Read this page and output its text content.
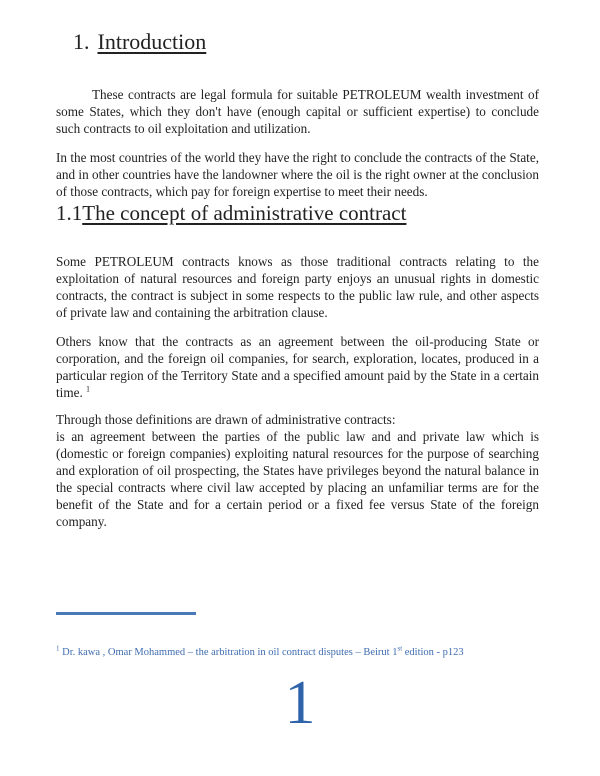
1. Introduction

These contracts are legal formula for suitable PETROLEUM wealth investment of some States, which they don't have (enough capital or sufficient expertise) to conclude such contracts to oil exploitation and utilization.

In the most countries of the world they have the right to conclude the contracts of the State, and in other countries have the landowner where the oil is the right owner at the conclusion of those contracts, which pay for foreign expertise to meet their needs.

1.1The concept of administrative contract

Some PETROLEUM contracts knows as those traditional contracts relating to the exploitation of natural resources and foreign party enjoys an unusual rights in domestic contracts, the contract is subject in some respects to the public law rule, and other aspects of private law and containing the arbitration clause.

Others know that the contracts as an agreement between the oil-producing State or corporation, and the foreign oil companies, for search, exploration, locates, produced in a particular region of the Territory State and a specified amount paid by the State in a certain time. $^1$

Through those definitions are drawn of administrative contracts:
is an agreement between the parties of the public law and and private law which is (domestic or foreign companies) exploiting natural resources for the purpose of searching and exploration of oil prospecting, the States have privileges beyond the natural balance in the special contracts where civil law accepted by placing an unfamiliar terms are for the benefit of the State and for a certain period or a fixed fee versus State of the foreign company.

$^1$ Dr. kawa , Omar Mohammed – the arbitration in oil contract disputes – Beirut 1st edition - p123
1
